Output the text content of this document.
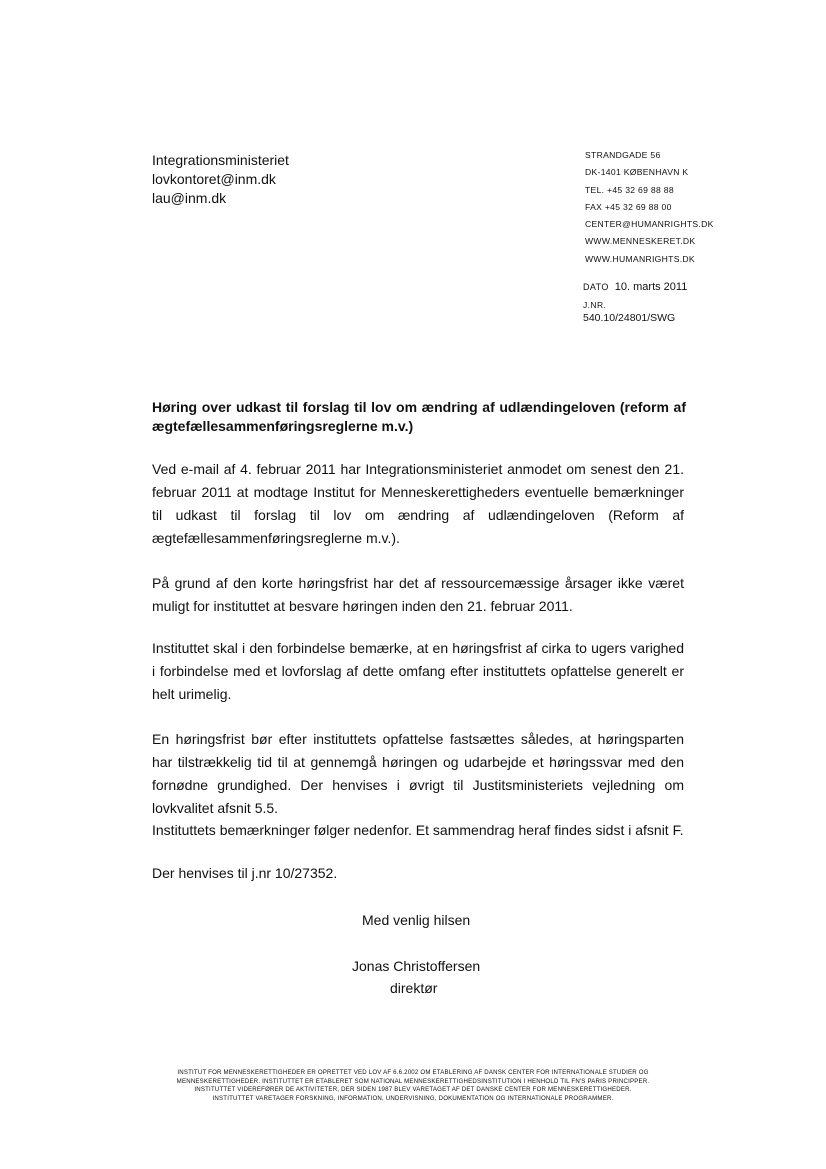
Integrationsministeriet
lovkontoret@inm.dk
lau@inm.dk
STRANDGADE 56
DK-1401 KØBENHAVN K
TEL. +45 32 69 88 88
FAX +45 32 69 88 00
CENTER@HUMANRIGHTS.DK
WWW.MENNESKERET.DK
WWW.HUMANRIGHTS.DK
DATO 10. marts 2011
J.NR.
540.10/24801/SWG
Høring over udkast til forslag til lov om ændring af udlændingeloven (reform af ægtefællesammenføringsreglerne m.v.)
Ved e-mail af 4. februar 2011 har Integrationsministeriet anmodet om senest den 21. februar 2011 at modtage Institut for Menneskerettigheders eventuelle bemærkninger til udkast til forslag til lov om ændring af udlændingeloven (Reform af ægtefællesammenføringsreglerne m.v.).
På grund af den korte høringsfrist har det af ressourcemæssige årsager ikke været muligt for instituttet at besvare høringen inden den 21. februar 2011.
Instituttet skal i den forbindelse bemærke, at en høringsfrist af cirka to ugers varighed i forbindelse med et lovforslag af dette omfang efter instituttets opfattelse generelt er helt urimelig.
En høringsfrist bør efter instituttets opfattelse fastsættes således, at høringsparten har tilstrækkelig tid til at gennemgå høringen og udarbejde et høringssvar med den fornødne grundighed. Der henvises i øvrigt til Justitsministeriets vejledning om lovkvalitet afsnit 5.5.
Instituttets bemærkninger følger nedenfor. Et sammendrag heraf findes sidst i afsnit F.
Der henvises til j.nr 10/27352.
Med venlig hilsen
Jonas Christoffersen
direktør
INSTITUT FOR MENNESKERETTIGHEDER ER OPRETTET VED LOV AF 6.6.2002 OM ETABLERING AF DANSK CENTER FOR INTERNATIONALE STUDIER OG
MENNESKERETTIGHEDER. INSTITUTTET ER ETABLERET SOM NATIONAL MENNESKERETTIGHEDSINSTITUTION I HENHOLD TIL FN'S PARIS PRINCIPPER.
INSTITUTTET VIDEREFØRER DE AKTIVITETER, DER SIDEN 1987 BLEV VARETAGET AF DET DANSKE CENTER FOR MENNESKERETTIGHEDER.
INSTITUTTET VARETAGER FORSKNING, INFORMATION, UNDERVISNING, DOKUMENTATION OG INTERNATIONALE PROGRAMMER.
